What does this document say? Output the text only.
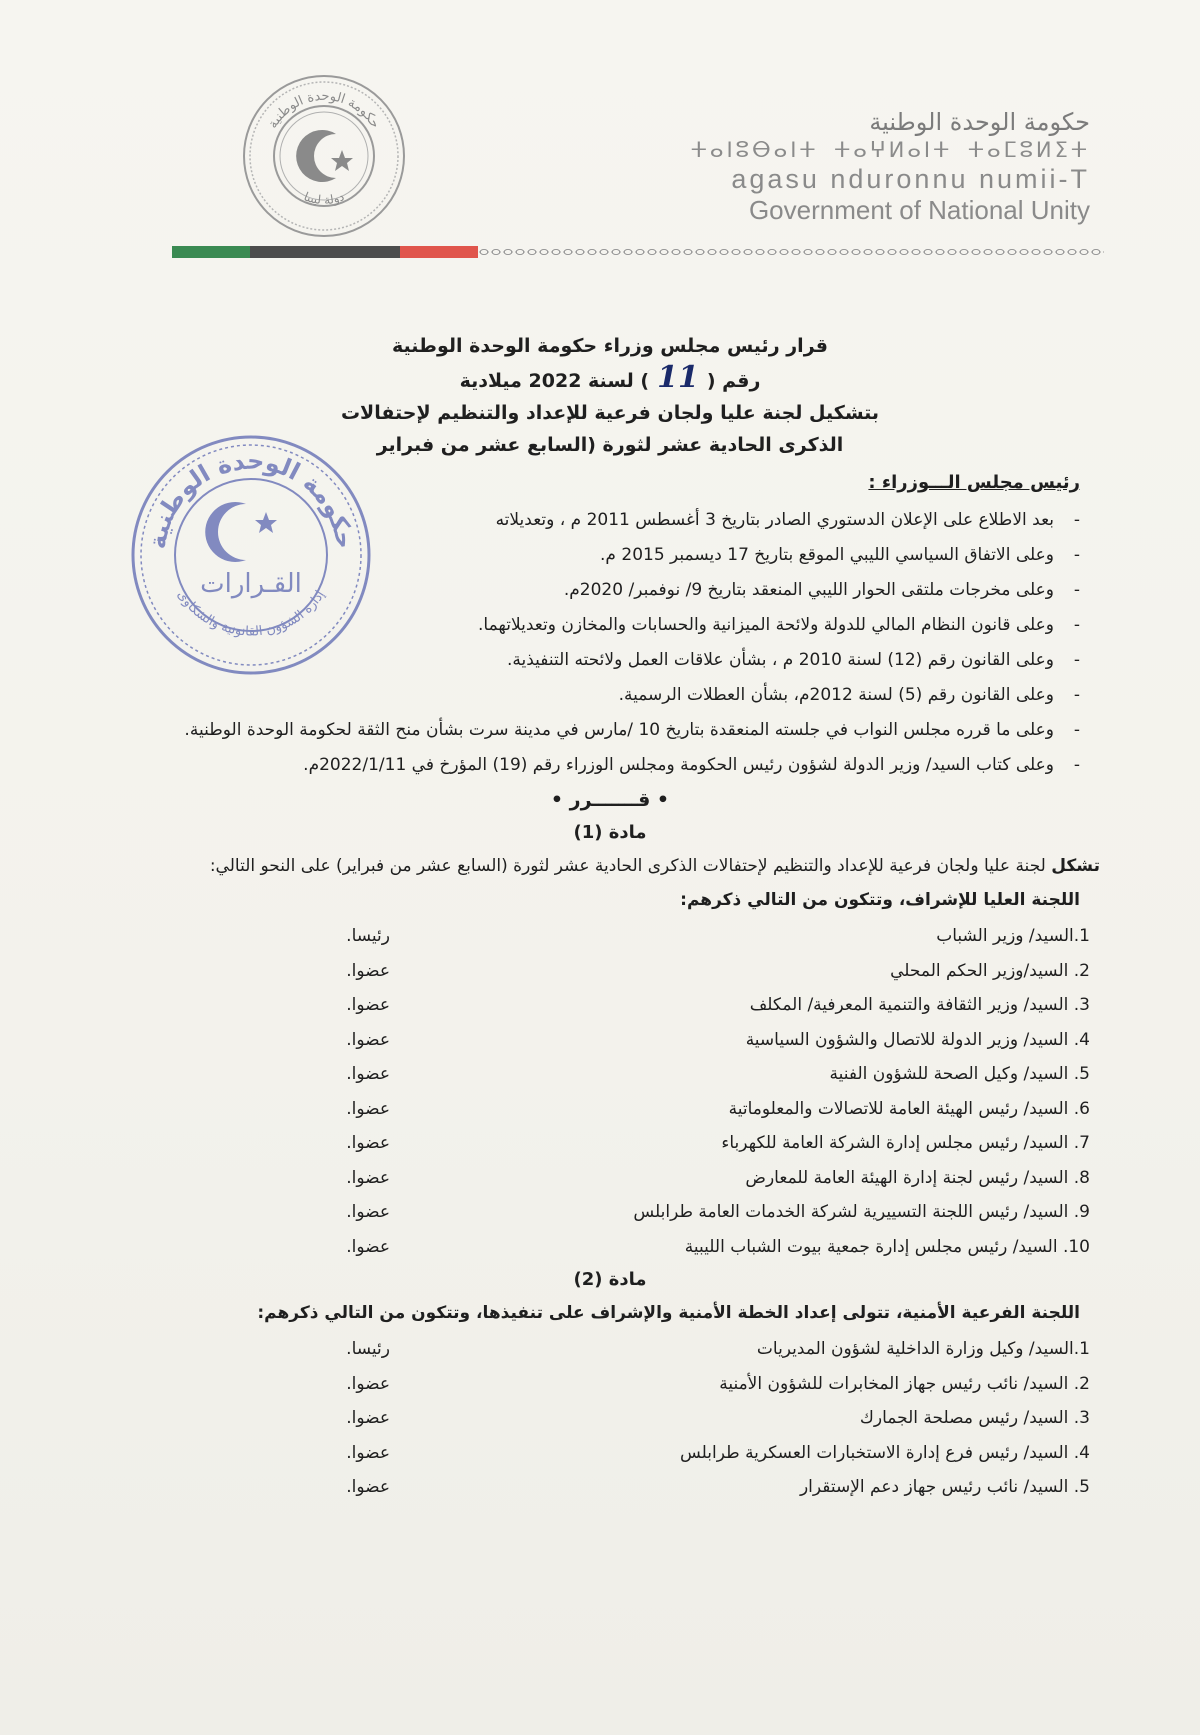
حكومة الوحدة الوطنية
دولة ليبيا
حكومة الوحدة الوطنية
ⵜⴰⵏⵓⴱⴰⵏⵜ ⵜⴰⵖⵍⴰⵏⵜ ⵜⴰⵎⵓⵍⵉⵜ
agasu nduronnu numii-T
Government of National Unity
حكومة الوحدة الوطنية
إدارة الشؤون القانونية والشكاوى
القـرارات
قرار رئيس مجلس وزراء حكومة الوحدة الوطنية
رقم (11) لسنة 2022 ميلادية
بتشكيل لجنة عليا ولجان فرعية للإعداد والتنظيم لإحتفالات
الذكرى الحادية عشر لثورة (السابع عشر من فبراير
رئيس مجلس الـــوزراء :
- بعد الاطلاع على الإعلان الدستوري الصادر بتاريخ 3 أغسطس 2011 م ، وتعديلاته
- وعلى الاتفاق السياسي الليبي الموقع بتاريخ 17 ديسمبر 2015 م.
- وعلى مخرجات ملتقى الحوار الليبي المنعقد بتاريخ 9/ نوفمبر/ 2020م.
- وعلى قانون النظام المالي للدولة ولائحة الميزانية والحسابات والمخازن وتعديلاتهما.
- وعلى القانون رقم (12) لسنة 2010 م ، بشأن علاقات العمل ولائحته التنفيذية.
- وعلى القانون رقم (5) لسنة 2012م، بشأن العطلات الرسمية.
- وعلى ما قرره مجلس النواب في جلسته المنعقدة بتاريخ 10 /مارس في مدينة سرت بشأن منح الثقة لحكومة الوحدة الوطنية.
- وعلى كتاب السيد/ وزير الدولة لشؤون رئيس الحكومة ومجلس الوزراء رقم (19) المؤرخ في 2022/1/11م.
• قـــــــرر •
مادة (1)
تشكل لجنة عليا ولجان فرعية للإعداد والتنظيم لإحتفالات الذكرى الحادية عشر لثورة (السابع عشر من فبراير) على النحو التالي:
اللجنة العليا للإشراف، وتتكون من التالي ذكرهم:
1.السيد/ وزير الشباب
رئيسا.
2. السيد/وزير الحكم المحلي
عضوا.
3. السيد/ وزير الثقافة والتنمية المعرفية/ المكلف
عضوا.
4. السيد/ وزير الدولة للاتصال والشؤون السياسية
عضوا.
5. السيد/ وكيل الصحة للشؤون الفنية
عضوا.
6. السيد/ رئيس الهيئة العامة للاتصالات والمعلوماتية
عضوا.
7. السيد/ رئيس مجلس إدارة الشركة العامة للكهرباء
عضوا.
8. السيد/ رئيس لجنة إدارة الهيئة العامة للمعارض
عضوا.
9. السيد/ رئيس اللجنة التسييرية لشركة الخدمات العامة طرابلس
عضوا.
10. السيد/ رئيس مجلس إدارة جمعية بيوت الشباب الليبية
عضوا.
مادة (2)
اللجنة الفرعية الأمنية، تتولى إعداد الخطة الأمنية والإشراف على تنفيذها، وتتكون من التالي ذكرهم:
1.السيد/ وكيل وزارة الداخلية لشؤون المديريات
رئيسا.
2. السيد/ نائب رئيس جهاز المخابرات للشؤون الأمنية
عضوا.
3. السيد/ رئيس مصلحة الجمارك
عضوا.
4. السيد/ رئيس فرع إدارة الاستخبارات العسكرية طرابلس
عضوا.
5. السيد/ نائب رئيس جهاز دعم الإستقرار
عضوا.
